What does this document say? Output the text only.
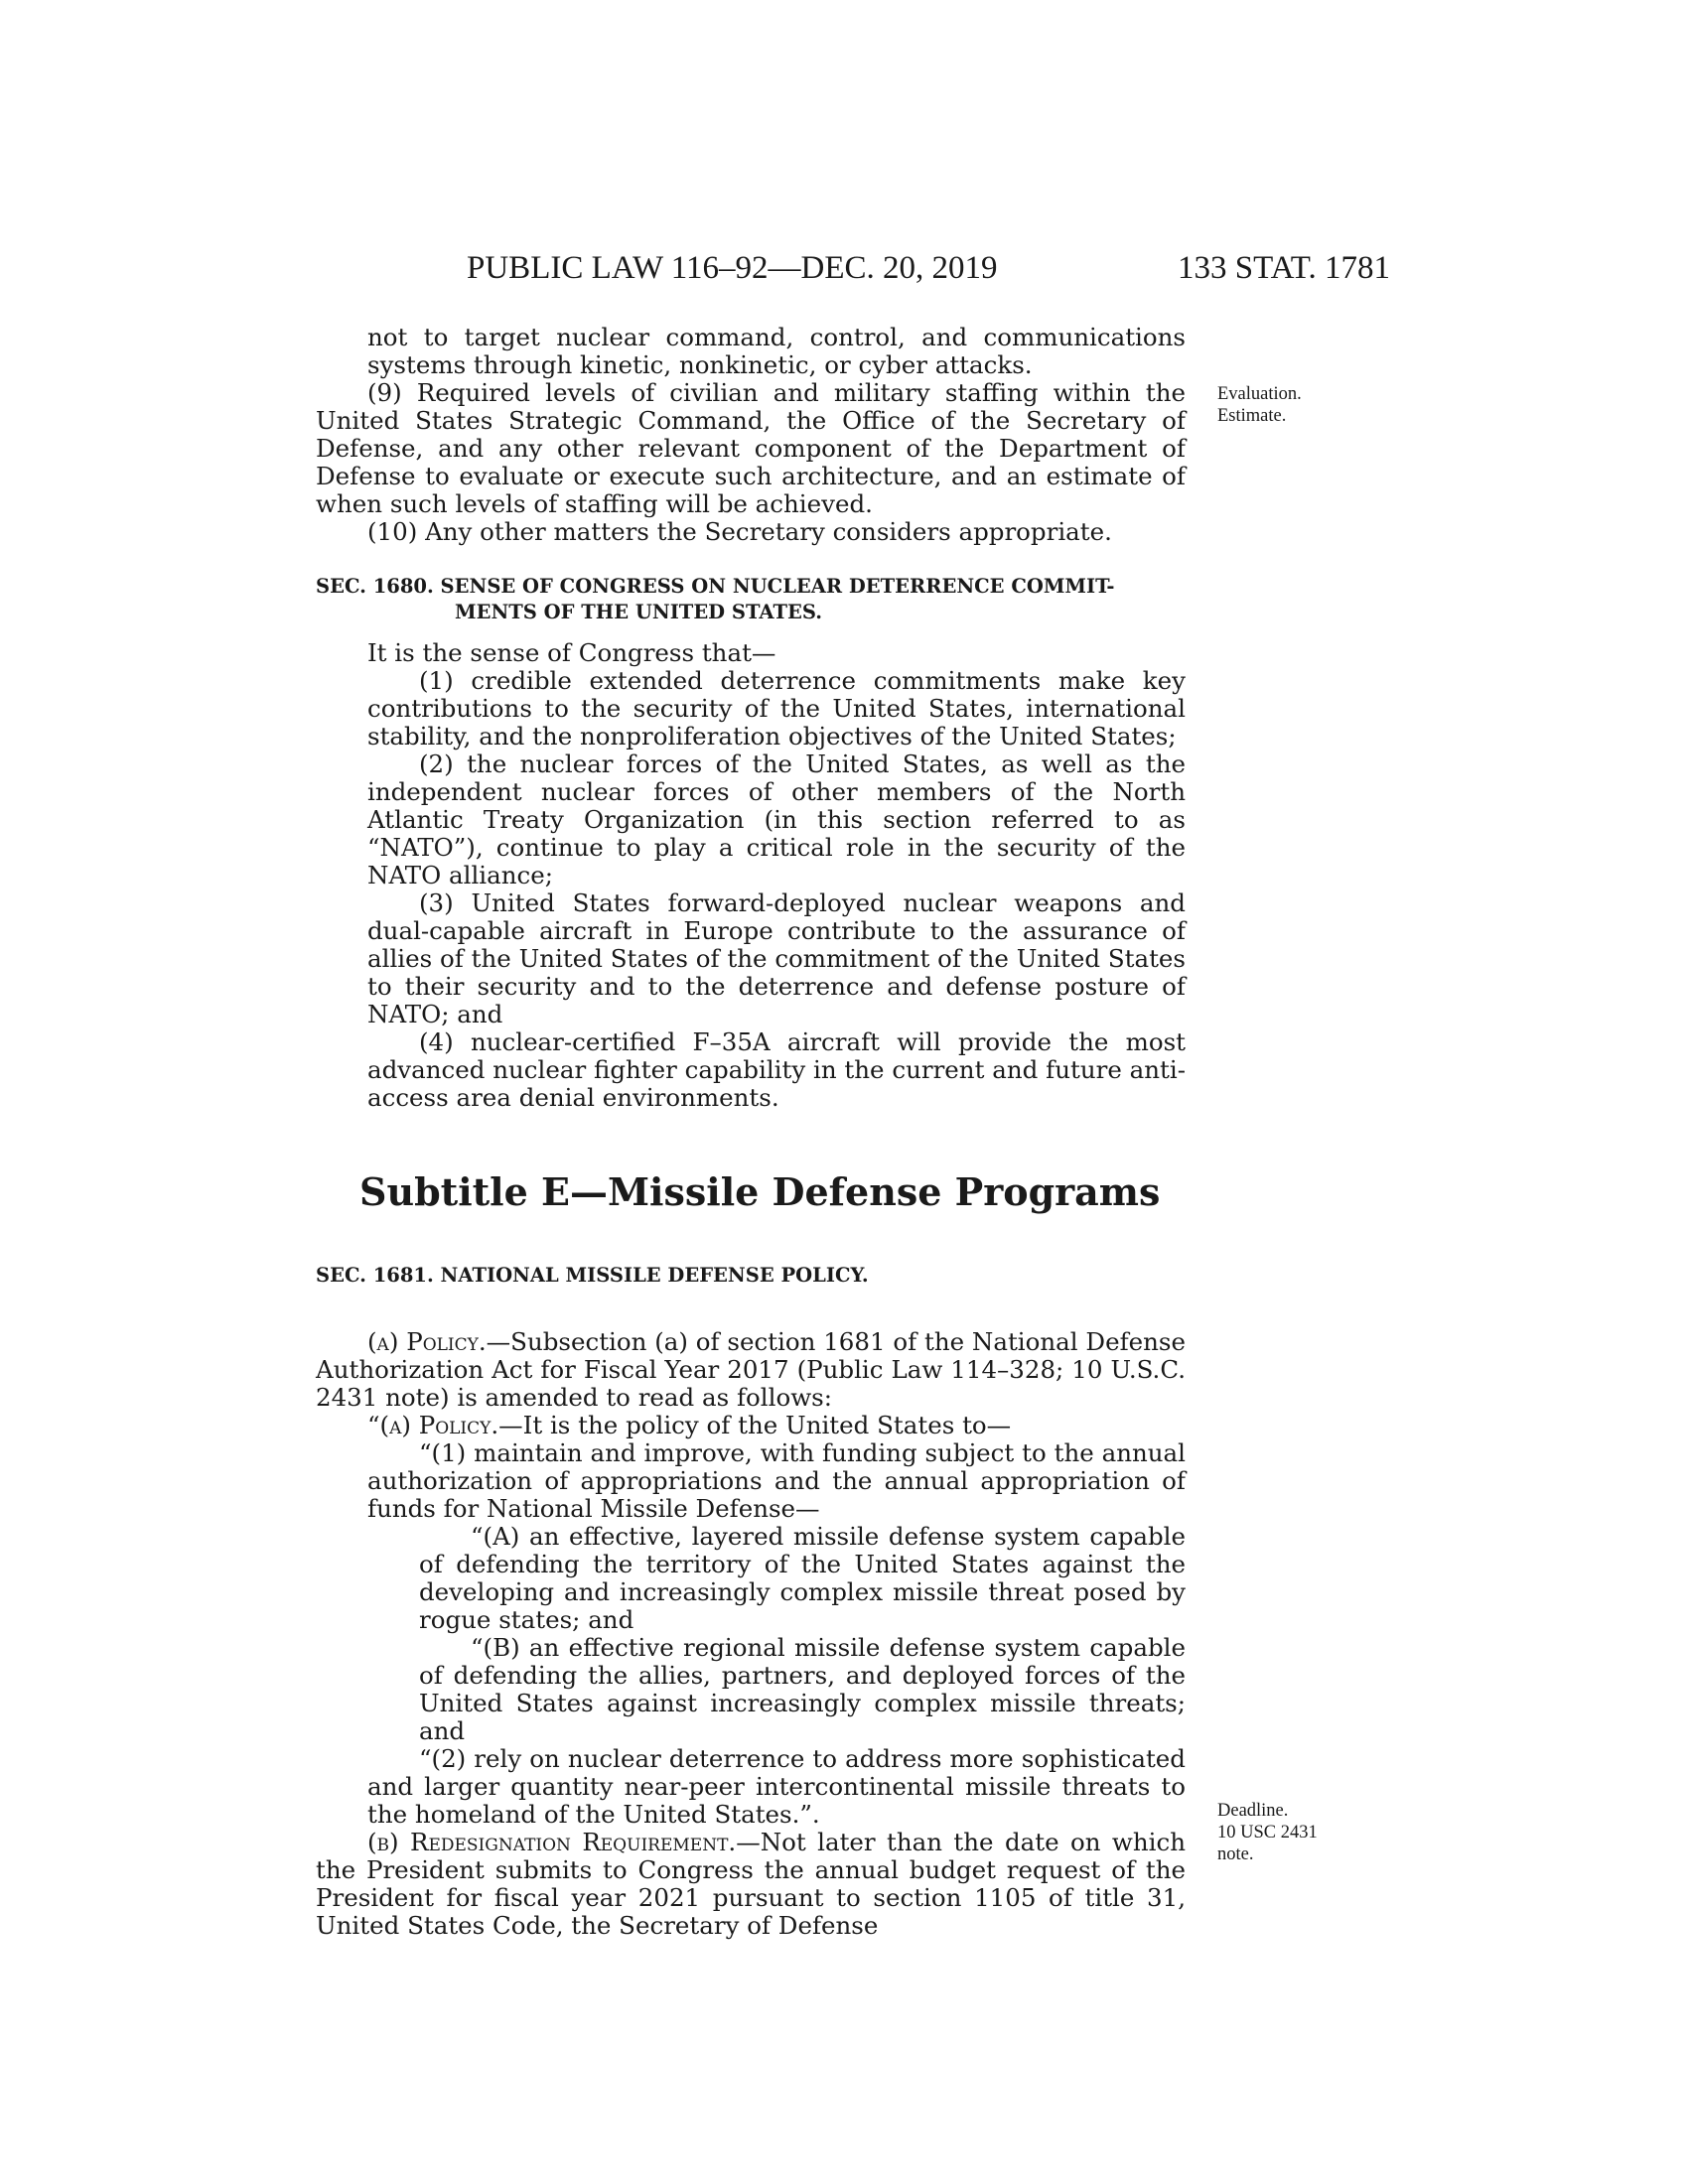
PUBLIC LAW 116–92—DEC. 20, 2019	133 STAT. 1781
Evaluation.
Estimate.

not to target nuclear command, control, and communications systems through kinetic, nonkinetic, or cyber attacks.

(9) Required levels of civilian and military staffing within the United States Strategic Command, the Office of the Secretary of Defense, and any other relevant component of the Department of Defense to evaluate or execute such architecture, and an estimate of when such levels of staffing will be achieved.

(10) Any other matters the Secretary considers appropriate.

SEC. 1680. SENSE OF CONGRESS ON NUCLEAR DETERRENCE COMMIT-
MENTS OF THE UNITED STATES.

It is the sense of Congress that—

(1) credible extended deterrence commitments make key contributions to the security of the United States, international stability, and the nonproliferation objectives of the United States;

(2) the nuclear forces of the United States, as well as the independent nuclear forces of other members of the North Atlantic Treaty Organization (in this section referred to as “NATO”), continue to play a critical role in the security of the NATO alliance;

(3) United States forward-deployed nuclear weapons and dual-capable aircraft in Europe contribute to the assurance of allies of the United States of the commitment of the United States to their security and to the deterrence and defense posture of NATO; and

(4) nuclear-certified F–35A aircraft will provide the most advanced nuclear fighter capability in the current and future anti-access area denial environments.

Subtitle E—Missile Defense Programs

SEC. 1681. NATIONAL MISSILE DEFENSE POLICY.

Deadline.
10 USC 2431
note.

(a) Policy.—Subsection (a) of section 1681 of the National Defense Authorization Act for Fiscal Year 2017 (Public Law 114–328; 10 U.S.C. 2431 note) is amended to read as follows:

“(a) Policy.—It is the policy of the United States to—

“(1) maintain and improve, with funding subject to the annual authorization of appropriations and the annual appropriation of funds for National Missile Defense—

“(A) an effective, layered missile defense system capable of defending the territory of the United States against the developing and increasingly complex missile threat posed by rogue states; and

“(B) an effective regional missile defense system capable of defending the allies, partners, and deployed forces of the United States against increasingly complex missile threats; and

“(2) rely on nuclear deterrence to address more sophisticated and larger quantity near-peer intercontinental missile threats to the homeland of the United States.”.

(b) Redesignation Requirement.—Not later than the date on which the President submits to Congress the annual budget request of the President for fiscal year 2021 pursuant to section 1105 of title 31, United States Code, the Secretary of Defense
